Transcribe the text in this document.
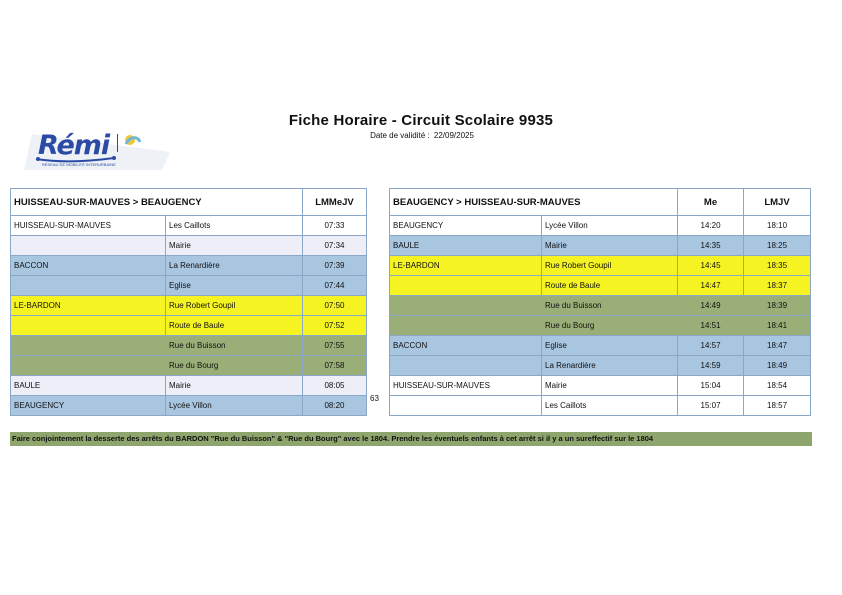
Fiche Horaire - Circuit Scolaire 9935
Date de validité : 22/09/2025
Rémi
RÉSEAU DE MOBILITÉ INTERURBAINE
HUISSEAU-SUR-MAUVES > BEAUGENCY		LMMeJV
HUISSEAU-SUR-MAUVES	Les Caillots	07:33
	Mairie	07:34
BACCON	La Renardière	07:39
	Eglise	07:44
LE-BARDON	Rue Robert Goupil	07:50
	Route de Baule	07:52
	Rue du Buisson	07:55
	Rue du Bourg	07:58
BAULE	Mairie	08:05
BEAUGENCY	Lycée Villon	08:20
63
BEAUGENCY > HUISSEAU-SUR-MAUVES		Me	LMJV
BEAUGENCY	Lycée Villon	14:20	18:10
BAULE	Mairie	14:35	18:25
LE-BARDON	Rue Robert Goupil	14:45	18:35
	Route de Baule	14:47	18:37
	Rue du Buisson	14:49	18:39
	Rue du Bourg	14:51	18:41
BACCON	Eglise	14:57	18:47
	La Renardière	14:59	18:49
HUISSEAU-SUR-MAUVES	Mairie	15:04	18:54
	Les Caillots	15:07	18:57
Faire conjointement la desserte des arrêts du BARDON "Rue du Buisson" & "Rue du Bourg" avec le 1804. Prendre les éventuels enfants à cet arrêt si il y a un sureffectif sur le 1804
